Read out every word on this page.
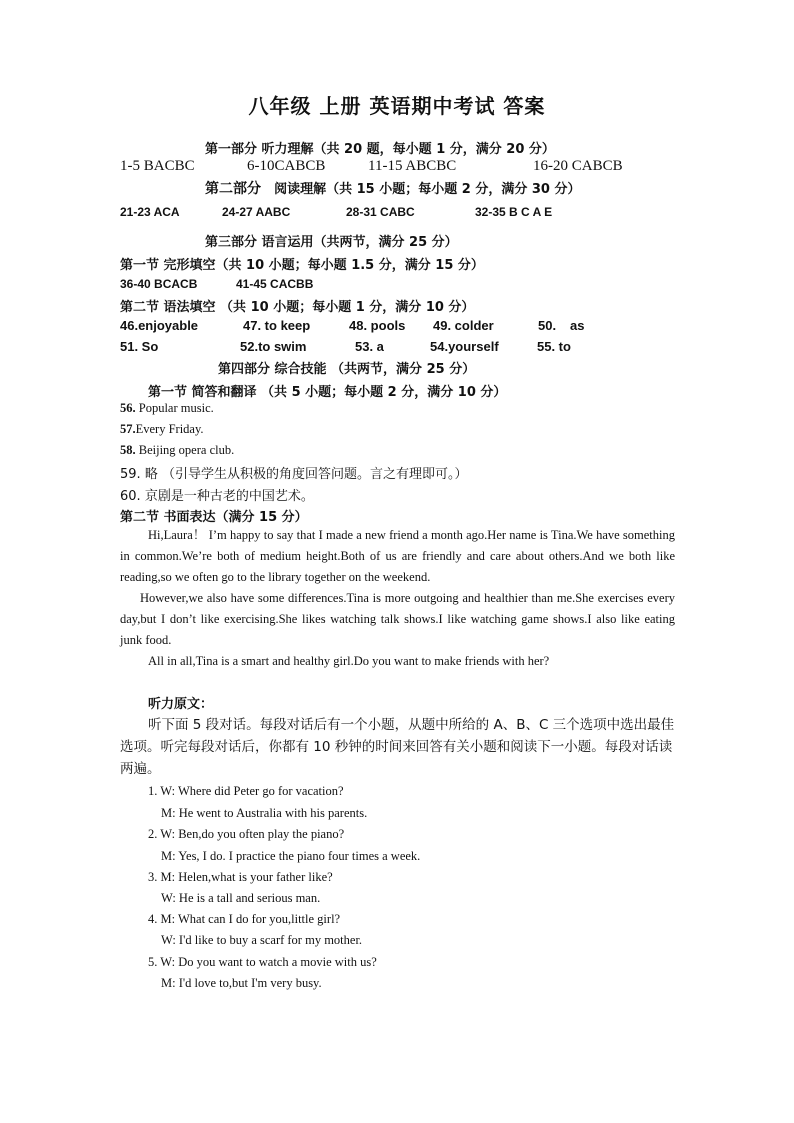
八年级 上册 英语期中考试 答案
第一部分 听力理解（共 20 题，每小题 1 分，满分 20 分）
1-5 BACBC	6-10CABCB	11-15 ABCBC	16-20 CABCB
第二部分 阅读理解（共 15 小题；每小题 2 分，满分 30 分）
21-23 ACA	24-27 AABC	28-31 CABC	32-35 B C A E
第三部分 语言运用（共两节，满分 25 分）
第一节 完形填空（共 10 小题；每小题 1.5 分，满分 15 分）
36-40 BCACB	41-45 CACBB
第二节 语法填空 （共 10 小题；每小题 1 分，满分 10 分）
46.enjoyable	47. to keep	48. pools 49. colder	50. as
51. So	52.to swim	53. a	54.yourself	55. to
第四部分 综合技能 （共两节，满分 25 分）
第一节 简答和翻译 （共 5 小题；每小题 2 分，满分 10 分）
56. Popular music.
57.Every Friday.
58. Beijing opera club.
59. 略 （引导学生从积极的角度回答问题。言之有理即可。）
60. 京剧是一种古老的中国艺术。
第二节 书面表达（满分 15 分）
Hi,Laura！ I’m happy to say that I made a new friend a month ago.Her name is Tina.We have something in common.We’re both of medium height.Both of us are friendly and care about others.And we both like reading,so we often go to the library together on the weekend.
However,we also have some differences.Tina is more outgoing and healthier than me.She exercises every day,but I don’t like exercising.She likes watching talk shows.I like watching game shows.I also like eating junk food.
All in all,Tina is a smart and healthy girl.Do you want to make friends with her?
听力原文：
听下面 5 段对话。每段对话后有一个小题，从题中所给的 A、B、C 三个选项中选出最佳选项。听完每段对话后，你都有 10 秒钟的时间来回答有关小题和阅读下一小题。每段对话读两遍。
1. W: Where did Peter go for vacation?
M: He went to Australia with his parents.
2. W: Ben,do you often play the piano?
M: Yes, I do. I practice the piano four times a week.
3. M: Helen,what is your father like?
W: He is a tall and serious man.
4. M: What can I do for you,little girl?
W: I'd like to buy a scarf for my mother.
5. W: Do you want to watch a movie with us?
M: I'd love to,but I'm very busy.
